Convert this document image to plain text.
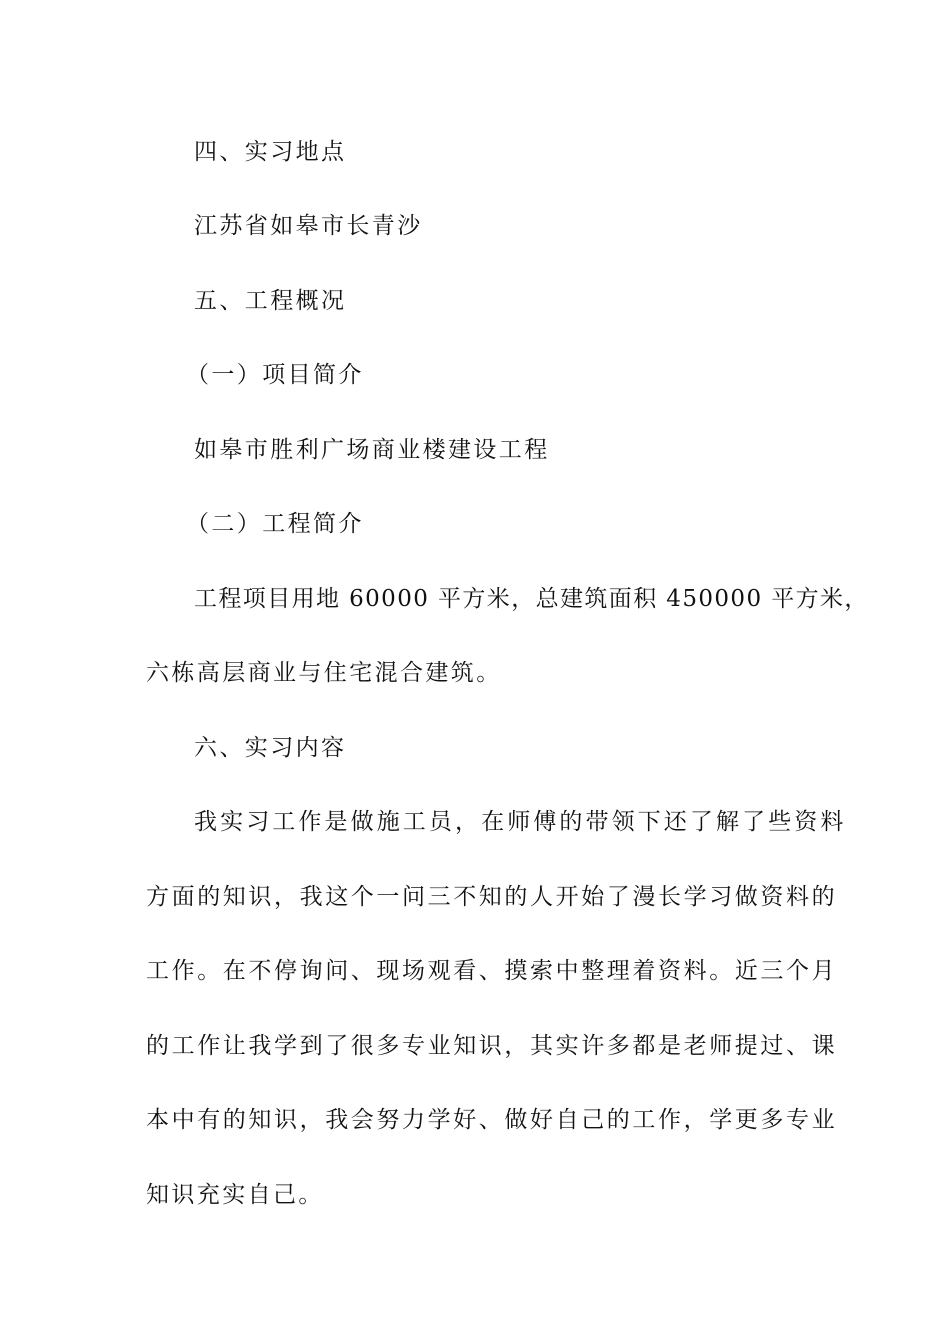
四、实习地点
江苏省如皋市长青沙
五、工程概况
（一）项目简介
如皋市胜利广场商业楼建设工程
（二）工程简介
工程项目用地 60000 平方米，总建筑面积 450000 平方米，
六栋高层商业与住宅混合建筑。
六、实习内容
我实习工作是做施工员，在师傅的带领下还了解了些资料
方面的知识，我这个一问三不知的人开始了漫长学习做资料的
工作。在不停询问、现场观看、摸索中整理着资料。近三个月
的工作让我学到了很多专业知识，其实许多都是老师提过、课
本中有的知识，我会努力学好、做好自己的工作，学更多专业
知识充实自己。
